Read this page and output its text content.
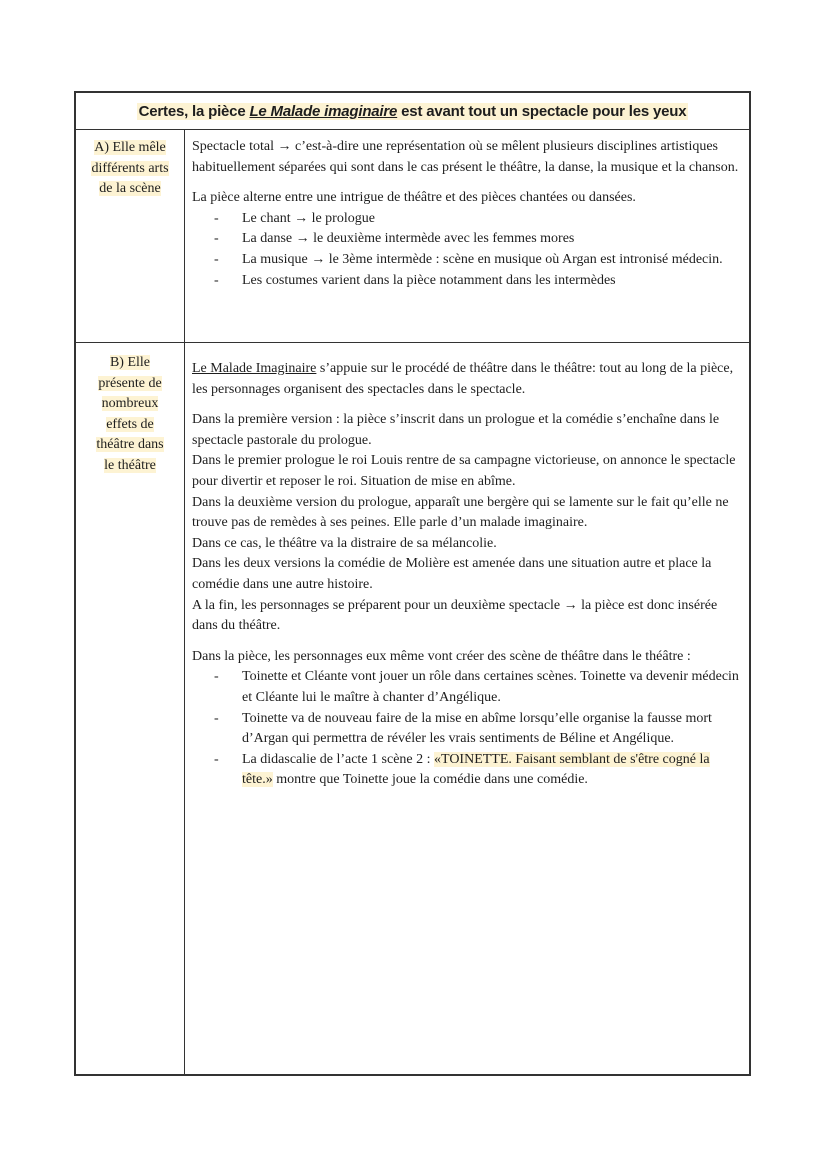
Certes, la pièce Le Malade imaginaire est avant tout un spectacle pour les yeux
A) Elle mêle
différents arts
de la scène

Spectacle total → c’est-à-dire une représentation où se mêlent plusieurs disciplines artistiques habituellement séparées qui sont dans le cas présent le théâtre, la danse, la musique et la chanson.

La pièce alterne entre une intrigue de théâtre et des pièces chantées ou dansées.

- Le chant → le prologue
- La danse → le deuxième intermède avec les femmes mores
- La musique → le 3ème intermède : scène en musique où Argan est intronisé médecin.
- Les costumes varient dans la pièce notamment dans les intermèdes
B) Elle
présente de
nombreux
effets de
théâtre dans
le théâtre

Le Malade Imaginaire s’appuie sur le procédé de théâtre dans le théâtre: tout au long de la pièce, les personnages organisent des spectacles dans le spectacle.

Dans la première version : la pièce s’inscrit dans un prologue et la comédie s’enchaîne dans le spectacle pastorale du prologue.
Dans le premier prologue le roi Louis rentre de sa campagne victorieuse, on annonce le spectacle pour divertir et reposer le roi. Situation de mise en abîme.
Dans la deuxième version du prologue, apparaît une bergère qui se lamente sur le fait qu’elle ne trouve pas de remèdes à ses peines. Elle parle d’un malade imaginaire.
Dans ce cas, le théâtre va la distraire de sa mélancolie.
Dans les deux versions la comédie de Molière est amenée dans une situation autre et place la comédie dans une autre histoire.
A la fin, les personnages se préparent pour un deuxième spectacle → la pièce est donc insérée dans du théâtre.

Dans la pièce, les personnages eux même vont créer des scène de théâtre dans le théâtre :

- Toinette et Cléante vont jouer un rôle dans certaines scènes. Toinette va devenir médecin et Cléante lui le maître à chanter d’Angélique.
- Toinette va de nouveau faire de la mise en abîme lorsqu’elle organise la fausse mort d’Argan qui permettra de révéler les vrais sentiments de Béline et Angélique.
- La didascalie de l’acte 1 scène 2 : «TOINETTE. Faisant semblant de s'être cogné la tête.» montre que Toinette joue la comédie dans une comédie.
